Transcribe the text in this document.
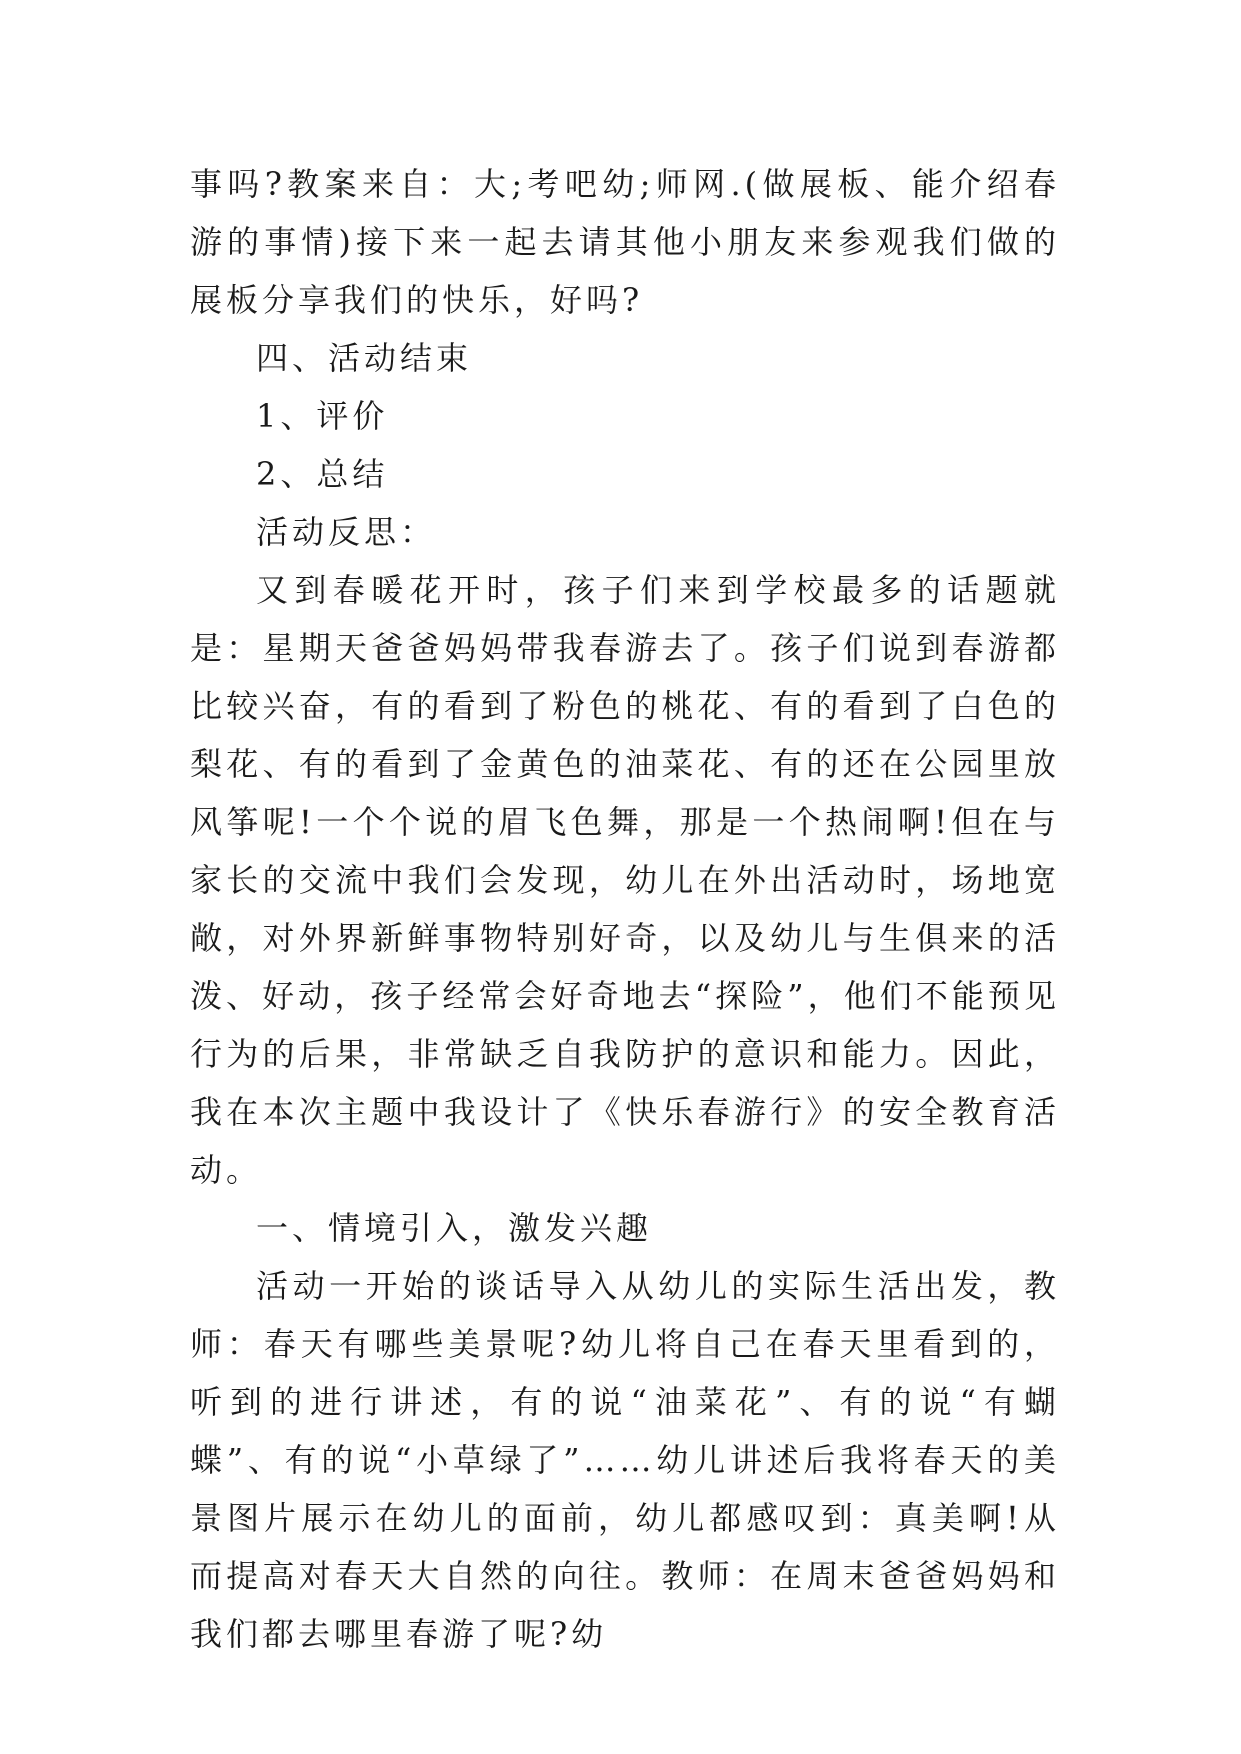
事吗?教案来自：大;考吧幼;师网.(做展板、能介绍春游的事情)接下来一起去请其他小朋友来参观我们做的展板分享我们的快乐，好吗?

四、活动结束

1、评价

2、总结

活动反思：

又到春暖花开时，孩子们来到学校最多的话题就是：星期天爸爸妈妈带我春游去了。孩子们说到春游都比较兴奋，有的看到了粉色的桃花、有的看到了白色的梨花、有的看到了金黄色的油菜花、有的还在公园里放风筝呢!一个个说的眉飞色舞，那是一个热闹啊!但在与家长的交流中我们会发现，幼儿在外出活动时，场地宽敞，对外界新鲜事物特别好奇，以及幼儿与生俱来的活泼、好动，孩子经常会好奇地去“探险”，他们不能预见行为的后果，非常缺乏自我防护的意识和能力。因此，我在本次主题中我设计了《快乐春游行》的安全教育活动。

一、情境引入，激发兴趣

活动一开始的谈话导入从幼儿的实际生活出发，教师：春天有哪些美景呢?幼儿将自己在春天里看到的，听到的进行讲述，有的说“油菜花”、有的说“有蝴蝶”、有的说“小草绿了”……幼儿讲述后我将春天的美景图片展示在幼儿的面前，幼儿都感叹到：真美啊!从而提高对春天大自然的向往。教师：在周末爸爸妈妈和我们都去哪里春游了呢?幼
